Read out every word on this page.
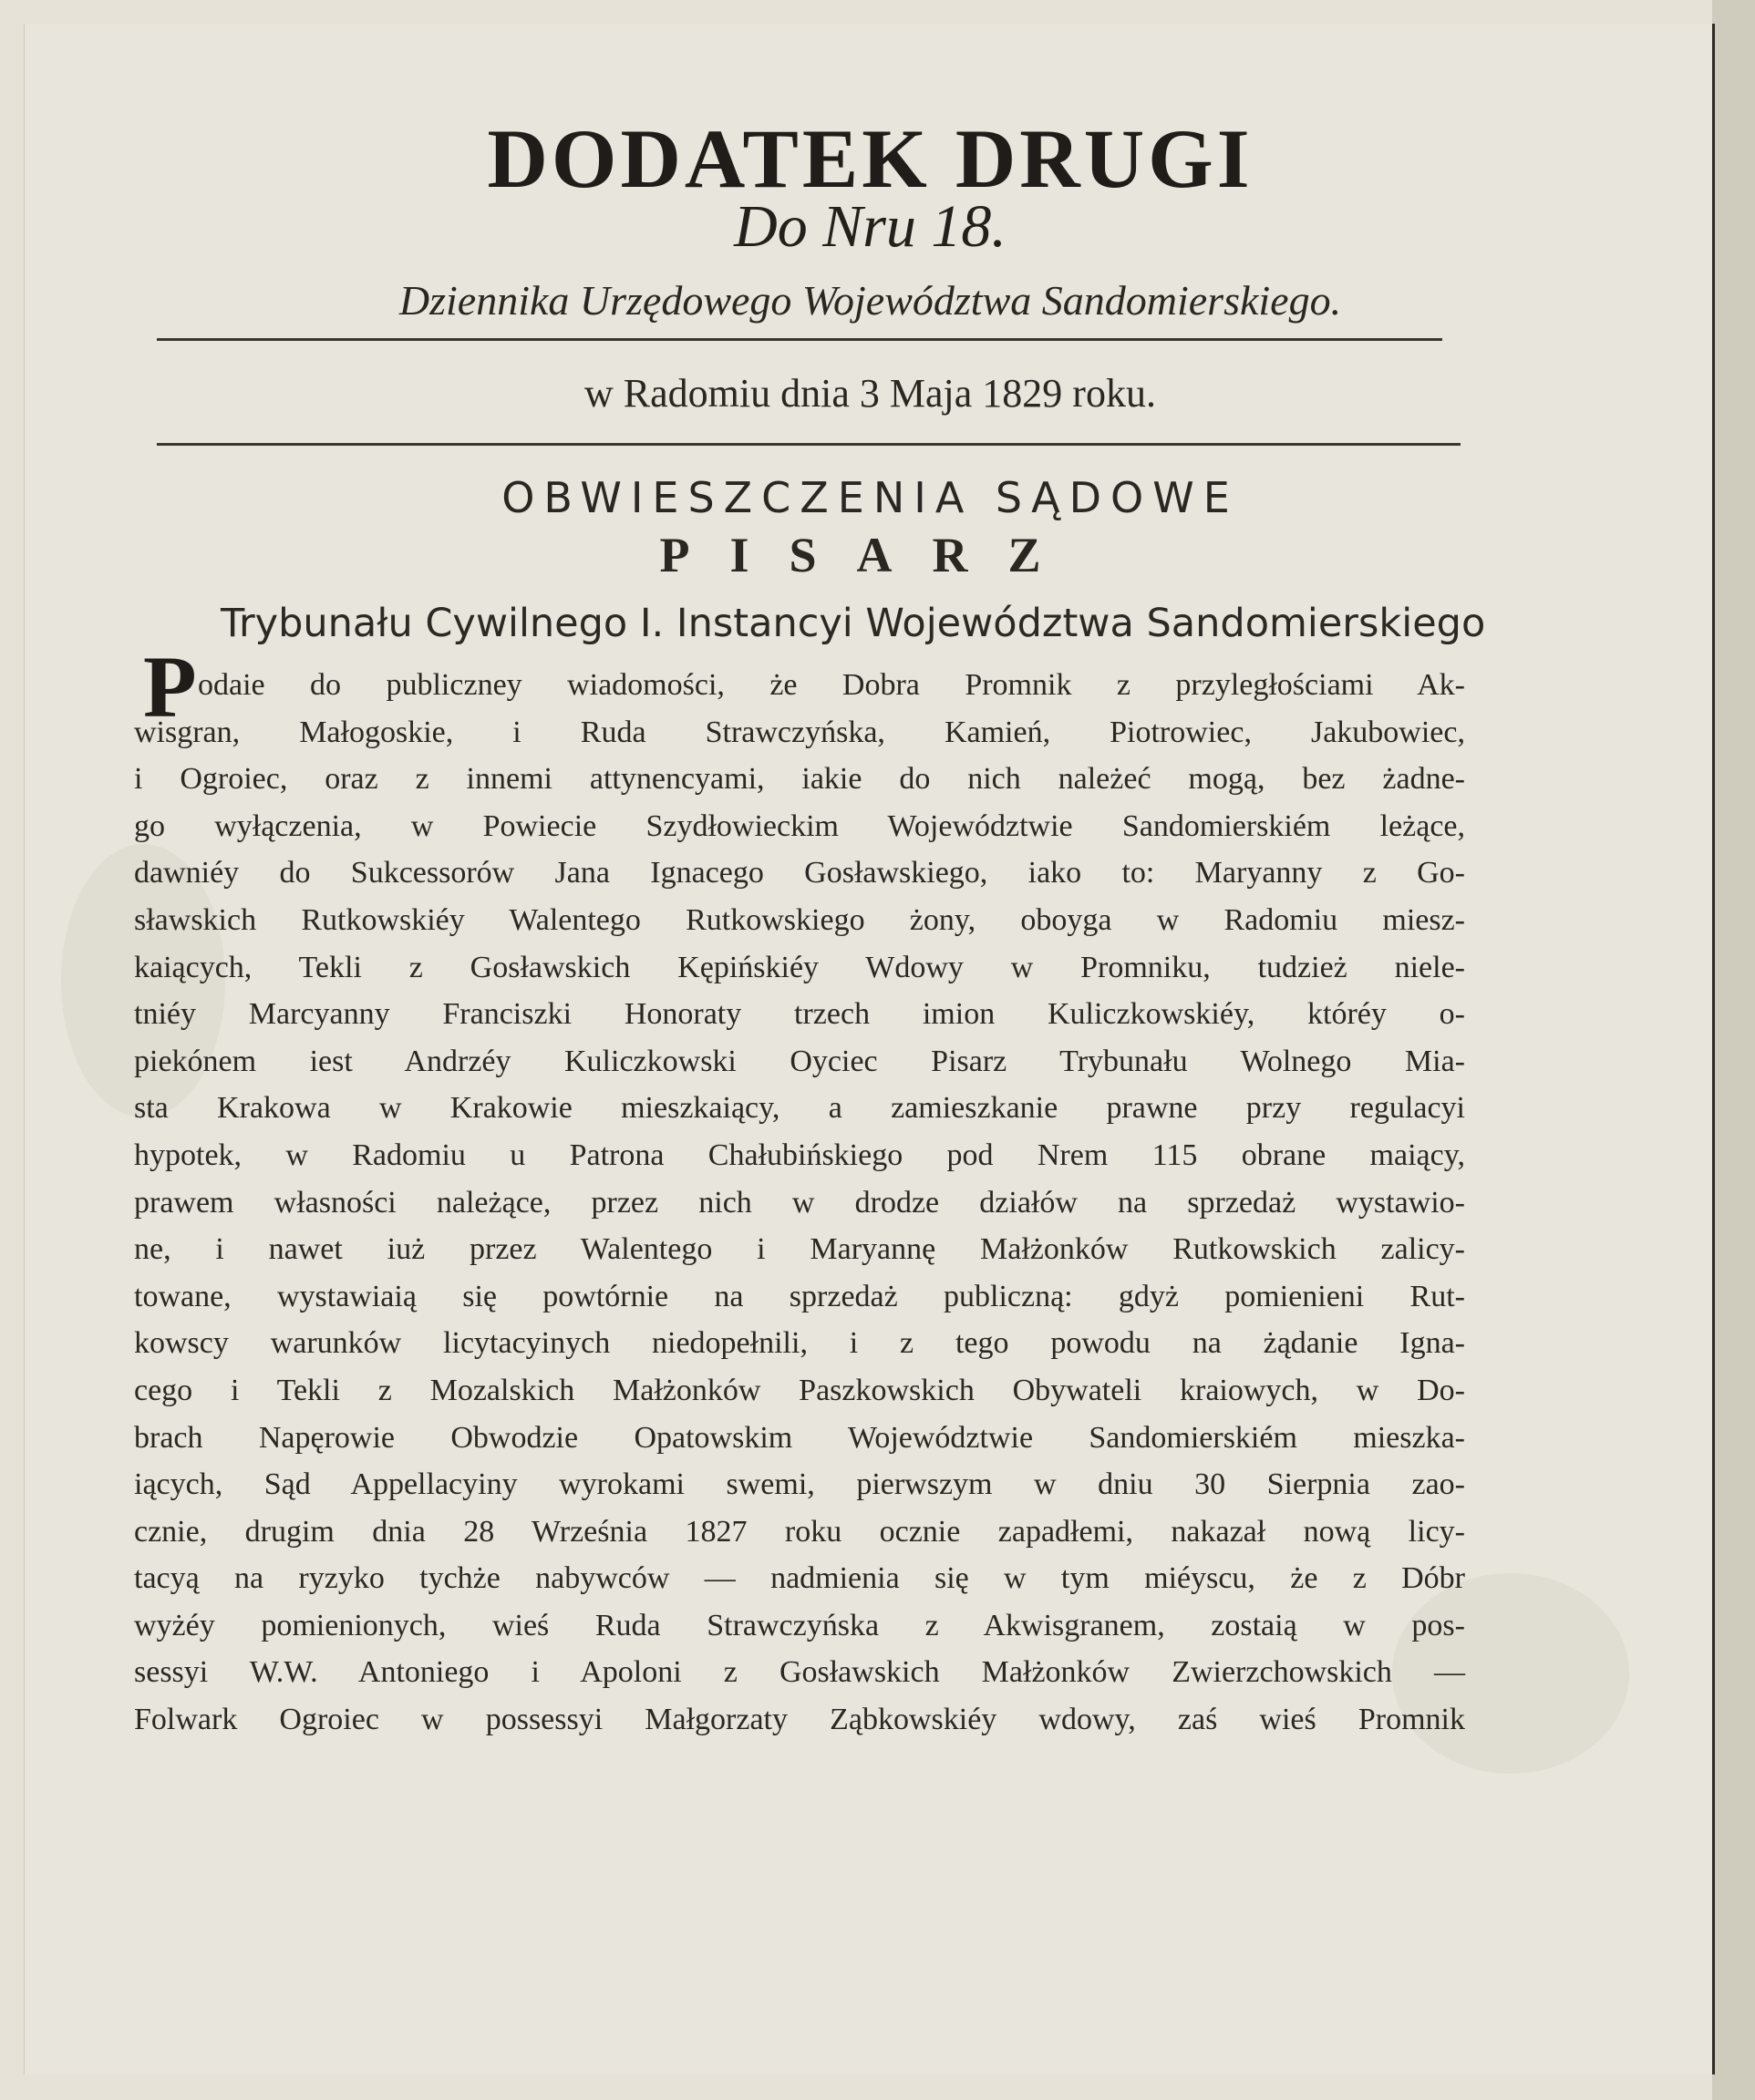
DODATEK DRUGI
Do Nru 18.
Dziennika Urzędowego Województwa Sandomierskiego.
w Radomiu dnia 3 Maja 1829 roku.
OBWIESZCZENIA SĄDOWE
PISARZ
Trybunału Cywilnego I. Instancyi Województwa Sandomierskiego
P odaie do publiczney wiadomości, że Dobra Promnik z przyległościami Ak-
wisgran, Małogoskie, i Ruda Strawczyńska, Kamień, Piotrowiec, Jakubowiec,
i Ogroiec, oraz z innemi attynencyami, iakie do nich należeć mogą, bez żadne-
go wyłączenia, w Powiecie Szydłowieckim Województwie Sandomierskiém leżące,
dawniéy do Sukcessorów Jana Ignacego Gosławskiego, iako to: Maryanny z Go-
sławskich Rutkowskiéy Walentego Rutkowskiego żony, oboyga w Radomiu miesz-
kaiących, Tekli z Gosławskich Kępińskiéy Wdowy w Promniku, tudzież niele-
tniéy Marcyanny Franciszki Honoraty trzech imion Kuliczkowskiéy, któréy o-
piekónem iest Andrzéy Kuliczkowski Oyciec Pisarz Trybunału Wolnego Mia-
sta Krakowa w Krakowie mieszkaiący, a zamieszkanie prawne przy regulacyi
hypotek, w Radomiu u Patrona Chałubińskiego pod Nrem 115 obrane maiący,
prawem własności należące, przez nich w drodze działów na sprzedaż wystawio-
ne, i nawet iuż przez Walentego i Maryannę Małżonków Rutkowskich zalicy-
towane, wystawiaią się powtórnie na sprzedaż publiczną: gdyż pomienieni Rut-
kowscy warunków licytacyinych niedopełnili, i z tego powodu na żądanie Igna-
cego i Tekli z Mozalskich Małżonków Paszkowskich Obywateli kraiowych, w Do-
brach Napęrowie Obwodzie Opatowskim Województwie Sandomierskiém mieszka-
iących, Sąd Appellacyiny wyrokami swemi, pierwszym w dniu 30 Sierpnia zao-
cznie, drugim dnia 28 Września 1827 roku ocznie zapadłemi, nakazał nową licy-
tacyą na ryzyko tychże nabywców — nadmienia się w tym miéyscu, że z Dóbr
wyżéy pomienionych, wieś Ruda Strawczyńska z Akwisgranem, zostaią w pos-
sessyi W.W. Antoniego i Apoloni z Gosławskich Małżonków Zwierzchowskich —
Folwark Ogroiec w possessyi Małgorzaty Ząbkowskiéy wdowy, zaś wieś Promnik
